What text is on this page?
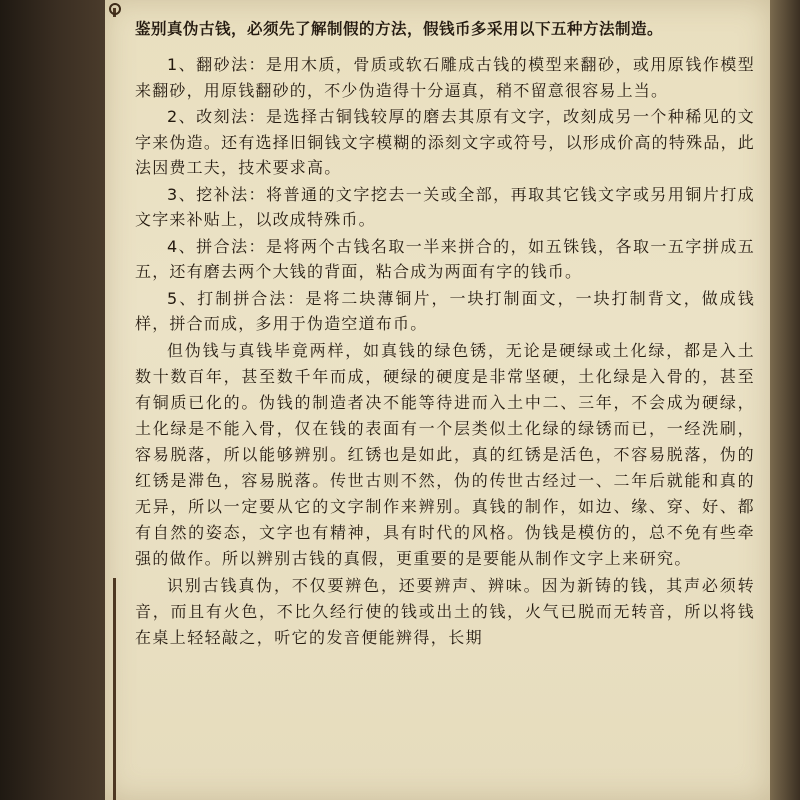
鉴别真伪古钱，必须先了解制假的方法，假钱币多采用以下五种方法制造。

1、翻砂法：是用木质，骨质或软石雕成古钱的模型来翻砂，或用原钱作模型来翻砂，用原钱翻砂的，不少伪造得十分逼真，稍不留意很容易上当。

2、改刻法：是选择古铜钱较厚的磨去其原有文字，改刻成另一个种稀见的文字来伪造。还有选择旧铜钱文字模糊的添刻文字或符号，以形成价高的特殊品，此法因费工夫，技术要求高。

3、挖补法：将普通的文字挖去一关或全部，再取其它钱文字或另用铜片打成文字来补贴上，以改成特殊币。

4、拼合法：是将两个古钱名取一半来拼合的，如五铢钱，各取一五字拼成五五，还有磨去两个大钱的背面，粘合成为两面有字的钱币。

5、打制拼合法：是将二块薄铜片，一块打制面文，一块打制背文，做成钱样，拼合而成，多用于伪造空道布币。

但伪钱与真钱毕竟两样，如真钱的绿色锈，无论是硬绿或土化绿，都是入土数十数百年，甚至数千年而成，硬绿的硬度是非常坚硬，土化绿是入骨的，甚至有铜质已化的。伪钱的制造者决不能等待进而入土中二、三年，不会成为硬绿，土化绿是不能入骨，仅在钱的表面有一个层类似土化绿的绿锈而已，一经洗刷，容易脱落，所以能够辨别。红锈也是如此，真的红锈是活色，不容易脱落，伪的红锈是滞色，容易脱落。传世古则不然，伪的传世古经过一、二年后就能和真的无异，所以一定要从它的文字制作来辨别。真钱的制作，如边、缘、穿、好、都有自然的姿态，文字也有精神，具有时代的风格。伪钱是模仿的，总不免有些牵强的做作。所以辨别古钱的真假，更重要的是要能从制作文字上来研究。

识别古钱真伪，不仅要辨色，还要辨声、辨味。因为新铸的钱，其声必须转音，而且有火色，不比久经行使的钱或出土的钱，火气已脱而无转音，所以将钱在桌上轻轻敲之，听它的发音便能辨得，长期
